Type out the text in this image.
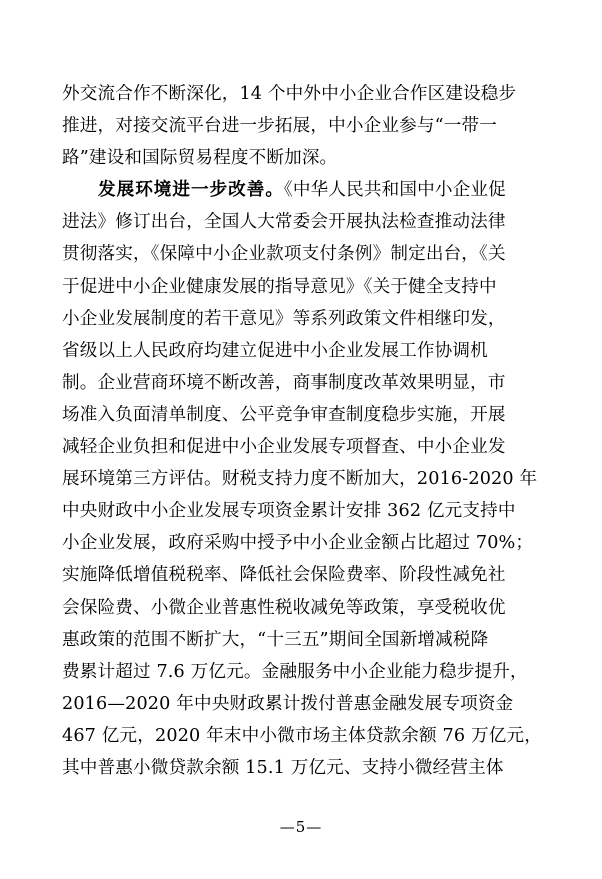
外交流合作不断深化，14 个中外中小企业合作区建设稳步
推进，对接交流平台进一步拓展，中小企业参与“一带一
路”建设和国际贸易程度不断加深。
发展环境进一步改善。《中华人民共和国中小企业促
进法》修订出台，全国人大常委会开展执法检查推动法律
贯彻落实，《保障中小企业款项支付条例》制定出台，《关
于促进中小企业健康发展的指导意见》《关于健全支持中
小企业发展制度的若干意见》等系列政策文件相继印发，
省级以上人民政府均建立促进中小企业发展工作协调机
制。企业营商环境不断改善，商事制度改革效果明显，市
场准入负面清单制度、公平竞争审查制度稳步实施，开展
减轻企业负担和促进中小企业发展专项督查、中小企业发
展环境第三方评估。财税支持力度不断加大，2016-2020 年
中央财政中小企业发展专项资金累计安排 362 亿元支持中
小企业发展，政府采购中授予中小企业金额占比超过 70%；
实施降低增值税税率、降低社会保险费率、阶段性减免社
会保险费、小微企业普惠性税收减免等政策，享受税收优
惠政策的范围不断扩大，“十三五”期间全国新增减税降
费累计超过 7.6 万亿元。金融服务中小企业能力稳步提升，
2016—2020 年中央财政累计拨付普惠金融发展专项资金
467 亿元，2020 年末中小微市场主体贷款余额 76 万亿元，
其中普惠小微贷款余额 15.1 万亿元、支持小微经营主体
—5—
